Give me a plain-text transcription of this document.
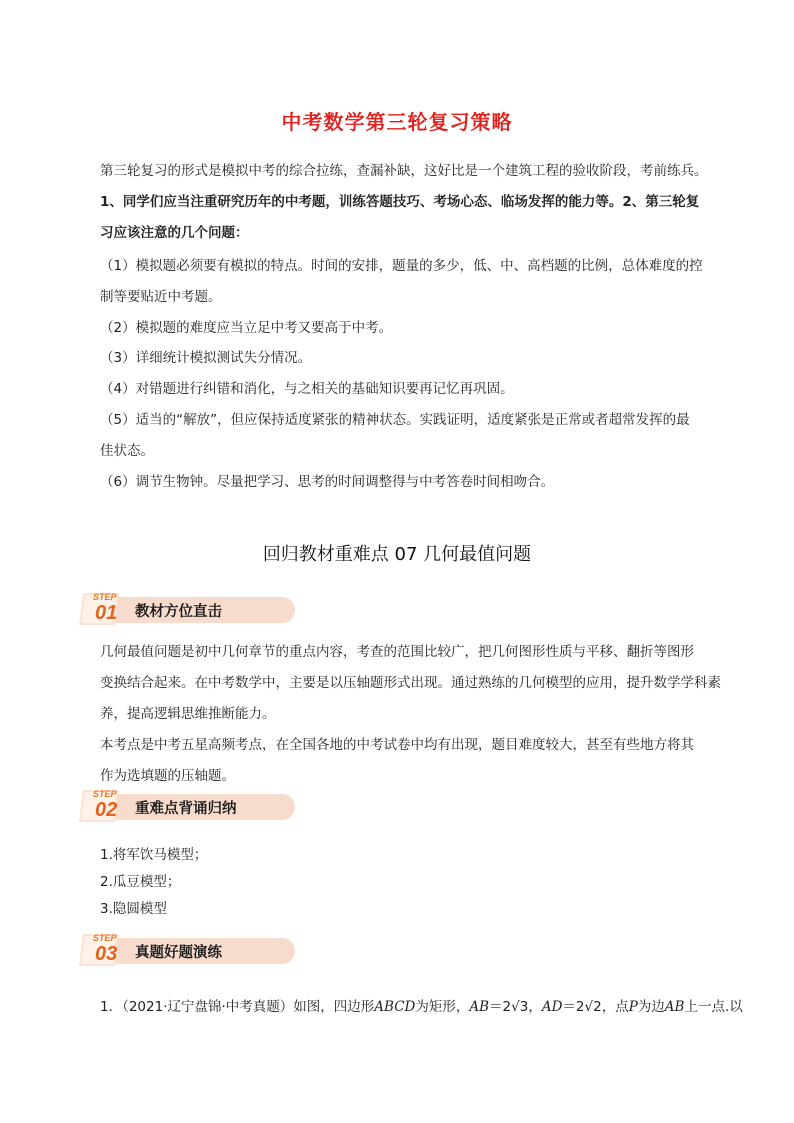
中考数学第三轮复习策略

第三轮复习的形式是模拟中考的综合拉练，查漏补缺，这好比是一个建筑工程的验收阶段，考前练兵。

1、同学们应当注重研究历年的中考题，训练答题技巧、考场心态、临场发挥的能力等。2、第三轮复

习应该注意的几个问题：

（1）模拟题必须要有模拟的特点。时间的安排，题量的多少，低、中、高档题的比例，总体难度的控

制等要贴近中考题。

（2）模拟题的难度应当立足中考又要高于中考。

（3）详细统计模拟测试失分情况。

（4）对错题进行纠错和消化，与之相关的基础知识要再记忆再巩固。

（5）适当的“解放”，但应保持适度紧张的精神状态。实践证明，适度紧张是正常或者超常发挥的最

佳状态。

（6）调节生物钟。尽量把学习、思考的时间调整得与中考答卷时间相吻合。

回归教材重难点 07 几何最值问题
STEP
01 教材方位直击

几何最值问题是初中几何章节的重点内容，考查的范围比较广，把几何图形性质与平移、翻折等图形

变换结合起来。在中考数学中，主要是以压轴题形式出现。通过熟练的几何模型的应用，提升数学学科素

养，提高逻辑思维推断能力。

本考点是中考五星高频考点，在全国各地的中考试卷中均有出现，题目难度较大，甚至有些地方将其

作为选填题的压轴题。

STEP
02 重难点背诵归纳
1.将军饮马模型；
2.瓜豆模型；
3.隐圆模型
STEP
03 真题好题演练
1．（2021·辽宁盘锦·中考真题）如图，四边形ABCD为矩形，AB＝2√3，AD＝2√2，点P为边AB上一点.以
